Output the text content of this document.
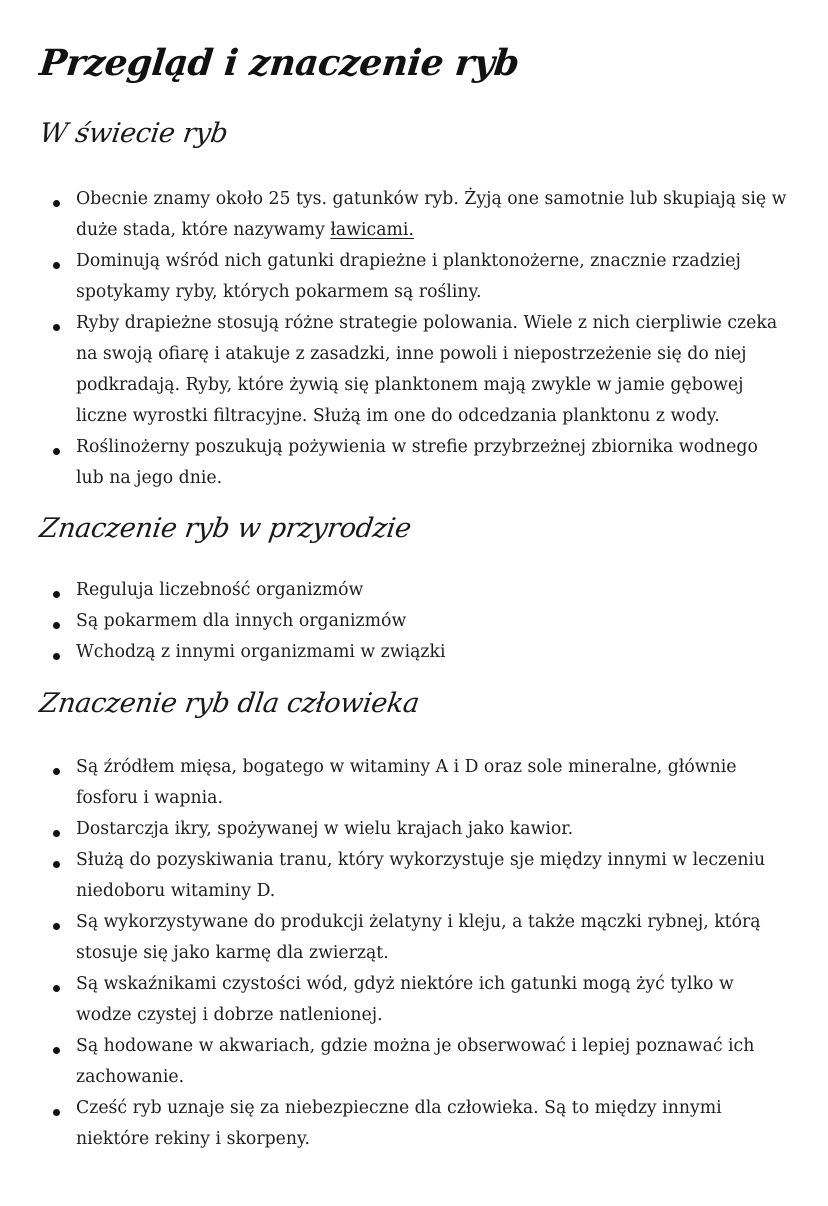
Przegląd i znaczenie ryb
W świecie ryb
Obecnie znamy około 25 tys. gatunków ryb. Żyją one samotnie lub skupiają się w duże stada, które nazywamy ławicami.
Dominują wśród nich gatunki drapieżne i planktonożerne, znacznie rzadziej spotykamy ryby, których pokarmem są rośliny.
Ryby drapieżne stosują różne strategie polowania. Wiele z nich cierpliwie czeka na swoją ofiarę i atakuje z zasadzki, inne powoli i niepostrzeżenie się do niej podkradają. Ryby, które żywią się planktonem mają zwykle w jamie gębowej liczne wyrostki filtracyjne. Służą im one do odcedzania planktonu z wody.
Roślinożerny poszukują pożywienia w strefie przybrzeżnej zbiornika wodnego lub na jego dnie.
Znaczenie ryb w przyrodzie
Reguluja liczebność organizmów
Są pokarmem dla innych organizmów
Wchodzą z innymi organizmami w związki
Znaczenie ryb dla człowieka
Są źródłem mięsa, bogatego w witaminy A i D oraz sole mineralne, głównie fosforu i wapnia.
Dostarczja ikry, spożywanej w wielu krajach jako kawior.
Służą do pozyskiwania tranu, który wykorzystuje sje między innymi w leczeniu niedoboru witaminy D.
Są wykorzystywane do produkcji żelatyny i kleju, a także mączki rybnej, którą stosuje się jako karmę dla zwierząt.
Są wskaźnikami czystości wód, gdyż niektóre ich gatunki mogą żyć tylko w wodze czystej i dobrze natlenionej.
Są hodowane w akwariach, gdzie można je obserwować i lepiej poznawać ich zachowanie.
Cześć ryb uznaje się za niebezpieczne dla człowieka. Są to między innymi niektóre rekiny i skorpeny.
